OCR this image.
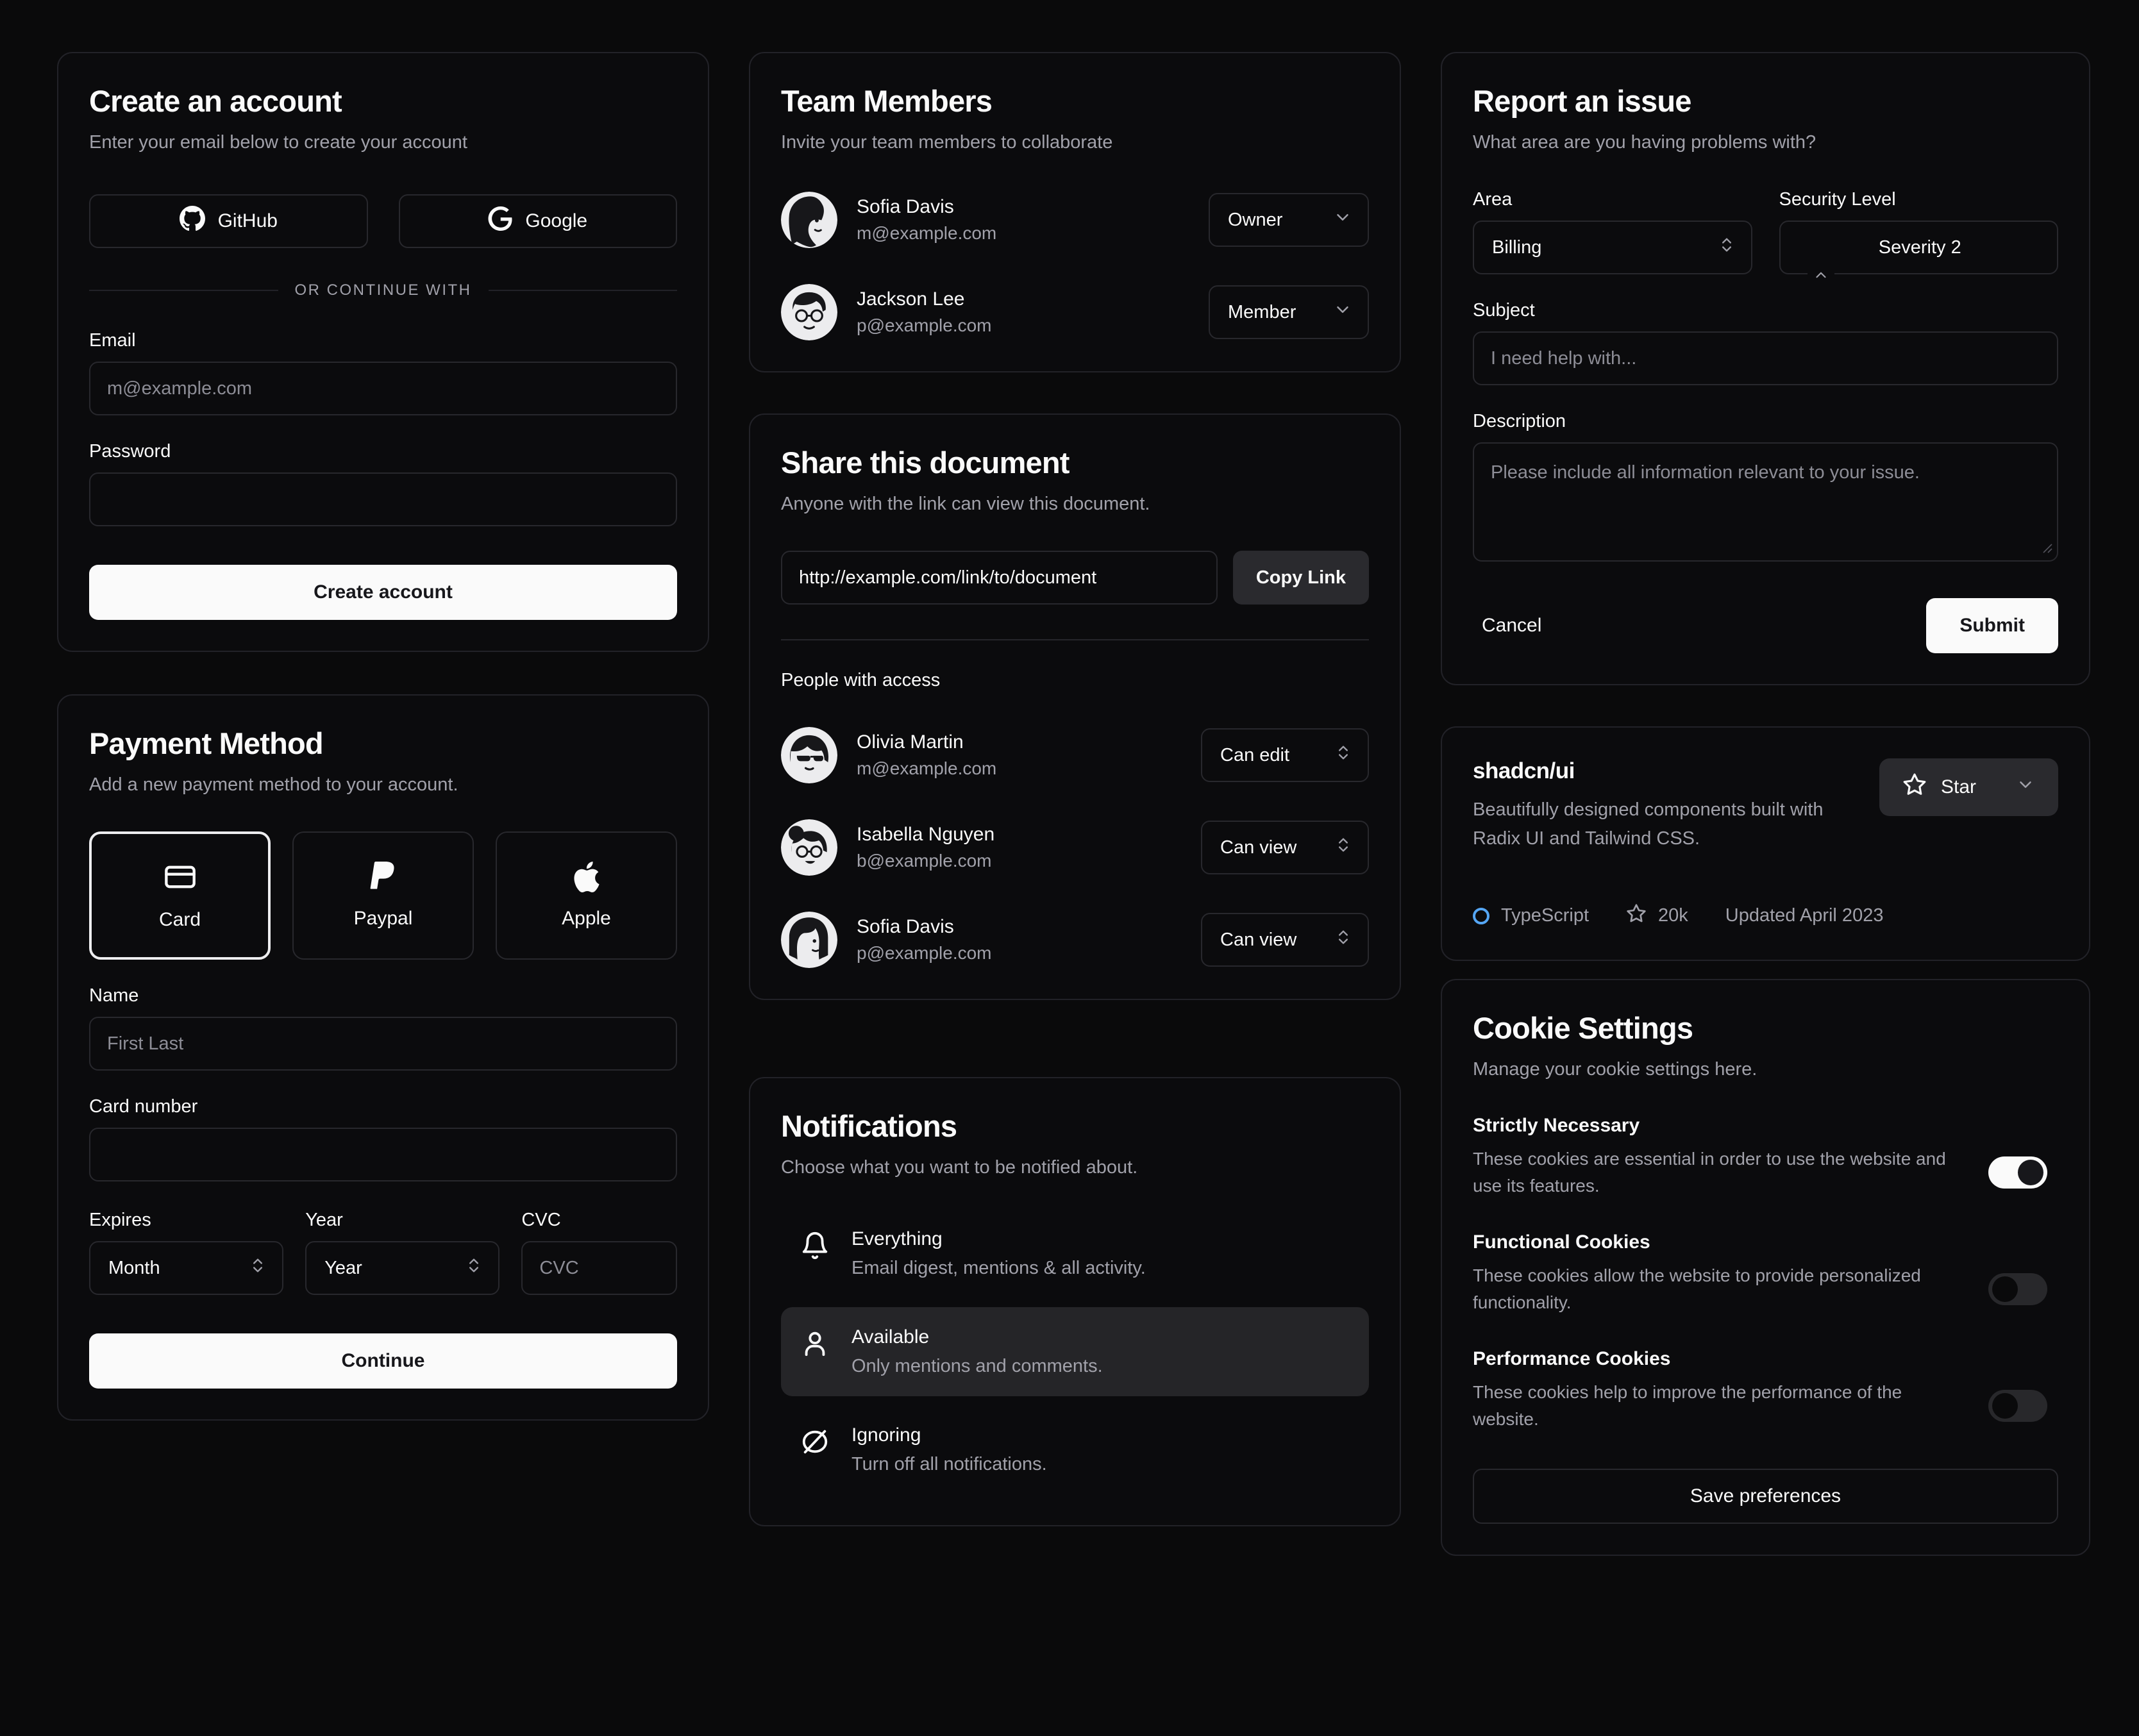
Create an account

Enter your email below to create your account

GitHub	Google
OR CONTINUE WITH
Email
m@example.com
Password
Create account
Payment Method

Add a new payment method to your account.

Card	Paypal	Apple
Name
First Last
Card number
Expires
Month
Year
Year
CVC
CVC
Continue
Team Members

Invite your team members to collaborate

Sofia Davis
m@example.com
Owner
Jackson Lee
p@example.com
Member
Share this document

Anyone with the link can view this document.

http://example.com/link/to/document
Copy Link
People with access
Olivia Martin
m@example.com
Can edit
Isabella Nguyen
b@example.com
Can view
Sofia Davis
p@example.com
Can view
Notifications

Choose what you want to be notified about.

Everything
Email digest, mentions & all activity.
Available
Only mentions and comments.
Ignoring
Turn off all notifications.
Report an issue

What area are you having problems with?

Area
Billing
Security Level
Severity 2
Subject
I need help with...
Description
Please include all information relevant to your issue.
Cancel	Submit
shadcn/ui

Beautifully designed components built with Radix UI and Tailwind CSS.

Star
TypeScript	20k Updated April 2023
Cookie Settings

Manage your cookie settings here.

Strictly Necessary

These cookies are essential in order to use the website and use its features.

Functional Cookies

These cookies allow the website to provide personalized functionality.

Performance Cookies

These cookies help to improve the performance of the website.

Save preferences
